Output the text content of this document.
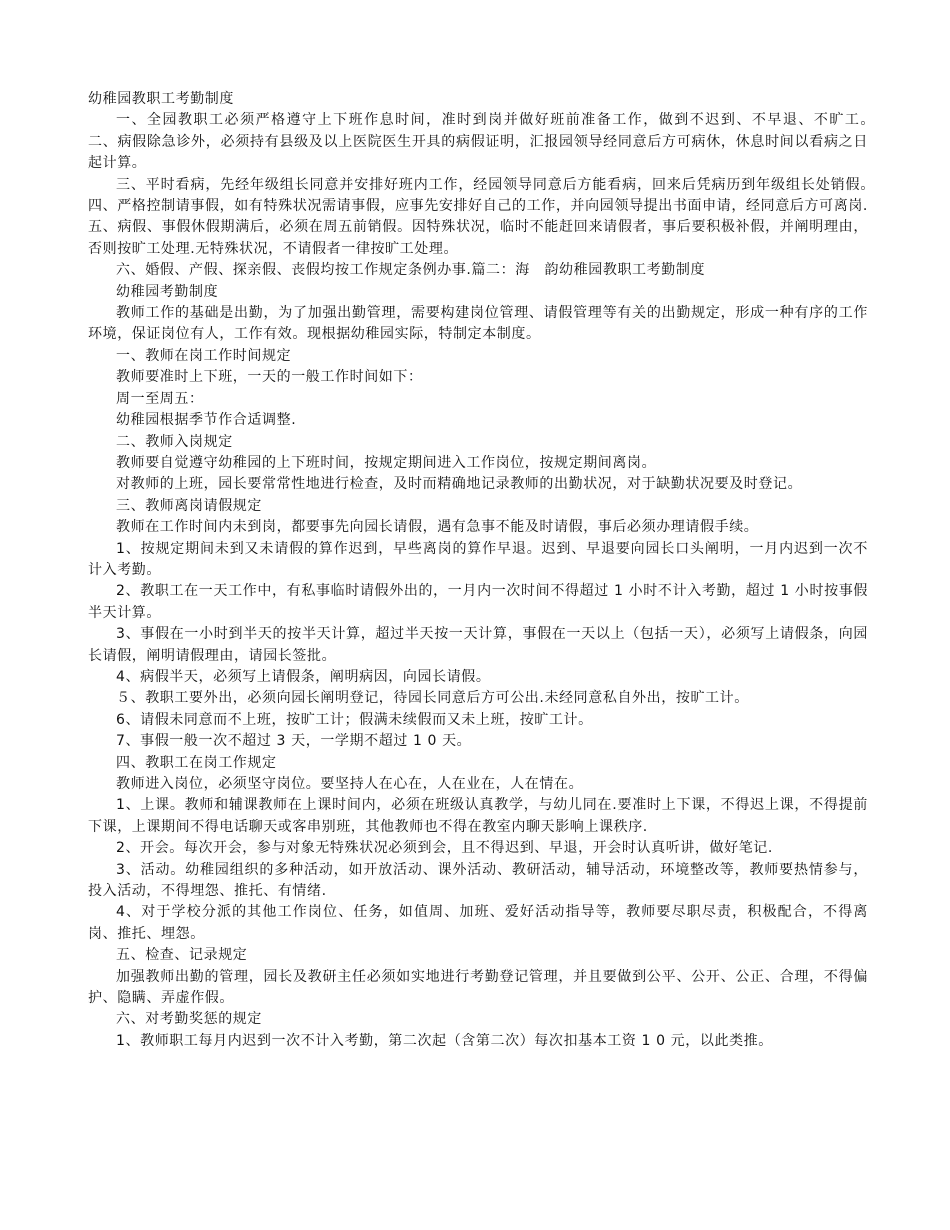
幼稚园教职工考勤制度

一、全园教职工必须严格遵守上下班作息时间，准时到岗并做好班前准备工作，做到不迟到、不早退、不旷工。　二、病假除急诊外，必须持有县级及以上医院医生开具的病假证明，汇报园领导经同意后方可病休，休息时间以看病之日起计算。

三、平时看病，先经年级组长同意并安排好班内工作，经园领导同意后方能看病，回来后凭病历到年级组长处销假。　四、严格控制请事假，如有特殊状况需请事假，应事先安排好自己的工作，并向园领导提出书面申请，经同意后方可离岗. 五、病假、事假休假期满后，必须在周五前销假。因特殊状况，临时不能赶回来请假者，事后要积极补假，并阐明理由，否则按旷工处理.无特殊状况，不请假者一律按旷工处理。

六、婚假、产假、探亲假、丧假均按工作规定条例办事.篇二：海　韵幼稚园教职工考勤制度

幼稚园考勤制度

教师工作的基础是出勤，为了加强出勤管理，需要构建岗位管理、请假管理等有关的出勤规定，形成一种有序的工作环境，保证岗位有人，工作有效。现根据幼稚园实际，特制定本制度。

一、教师在岗工作时间规定

教师要准时上下班，一天的一般工作时间如下：

周一至周五：

幼稚园根据季节作合适调整.

二、教师入岗规定

教师要自觉遵守幼稚园的上下班时间，按规定期间进入工作岗位，按规定期间离岗。

对教师的上班，园长要常常性地进行检查，及时而精确地记录教师的出勤状况，对于缺勤状况要及时登记。

三、教师离岗请假规定

教师在工作时间内未到岗，都要事先向园长请假，遇有急事不能及时请假，事后必须办理请假手续。

1、按规定期间未到又未请假的算作迟到，早些离岗的算作早退。迟到、早退要向园长口头阐明，一月内迟到一次不计入考勤。

2、教职工在一天工作中，有私事临时请假外出的，一月内一次时间不得超过 1 小时不计入考勤，超过 1 小时按事假半天计算。

3、事假在一小时到半天的按半天计算，超过半天按一天计算，事假在一天以上（包括一天），必须写上请假条，向园长请假，阐明请假理由，请园长签批。

4、病假半天，必须写上请假条，阐明病因，向园长请假。

５、教职工要外出，必须向园长阐明登记，待园长同意后方可公出.未经同意私自外出，按旷工计。

6、请假未同意而不上班，按旷工计；假满未续假而又未上班，按旷工计。

7、事假一般一次不超过 3 天，一学期不超过 1 0 天。

四、教职工在岗工作规定

教师进入岗位，必须坚守岗位。要坚持人在心在，人在业在，人在情在。

1、上课。教师和辅课教师在上课时间内，必须在班级认真教学，与幼儿同在.要准时上下课，不得迟上课，不得提前下课，上课期间不得电话聊天或客串别班，其他教师也不得在教室内聊天影响上课秩序.

2、开会。每次开会，参与对象无特殊状况必须到会，且不得迟到、早退，开会时认真听讲，做好笔记.

3、活动。幼稚园组织的多种活动，如开放活动、课外活动、教研活动，辅导活动，环境整改等，教师要热情参与，投入活动，不得埋怨、推托、有情绪.

4、对于学校分派的其他工作岗位、任务，如值周、加班、爱好活动指导等，教师要尽职尽责，积极配合，不得离岗、推托、埋怨。

五、检查、记录规定

加强教师出勤的管理，园长及教研主任必须如实地进行考勤登记管理，并且要做到公平、公开、公正、合理，不得偏护、隐瞒、弄虚作假。

六、对考勤奖惩的规定

1、教师职工每月内迟到一次不计入考勤，第二次起（含第二次）每次扣基本工资 1 0 元，以此类推。
